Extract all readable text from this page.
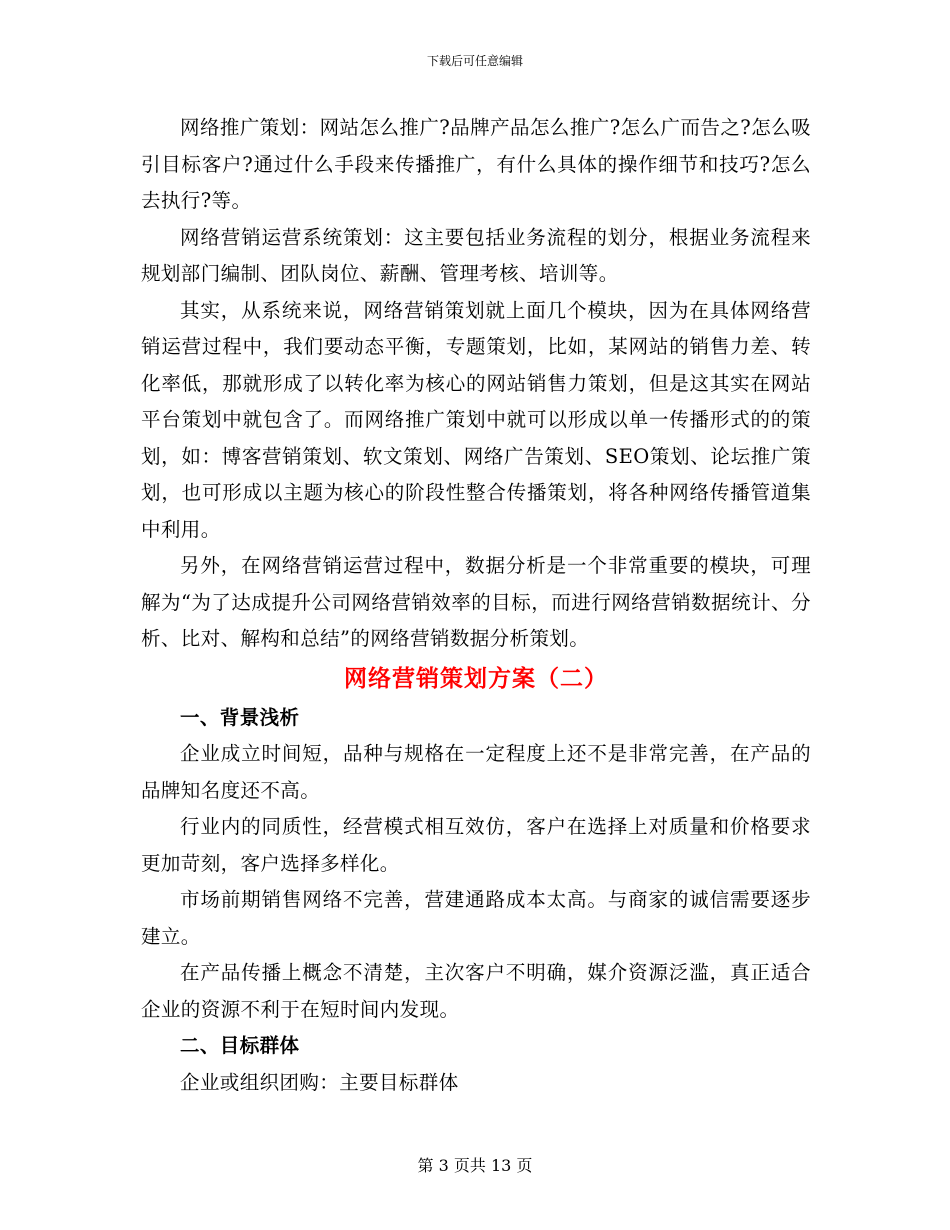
下载后可任意编辑

网络推广策划：网站怎么推广?品牌产品怎么推广?怎么广而告之?怎么吸引目标客户?通过什么手段来传播推广，有什么具体的操作细节和技巧?怎么去执行?等。

网络营销运营系统策划：这主要包括业务流程的划分，根据业务流程来规划部门编制、团队岗位、薪酬、管理考核、培训等。

其实，从系统来说，网络营销策划就上面几个模块，因为在具体网络营销运营过程中，我们要动态平衡，专题策划，比如，某网站的销售力差、转化率低，那就形成了以转化率为核心的网站销售力策划，但是这其实在网站平台策划中就包含了。而网络推广策划中就可以形成以单一传播形式的的策划，如：博客营销策划、软文策划、网络广告策划、SEO策划、论坛推广策划，也可形成以主题为核心的阶段性整合传播策划，将各种网络传播管道集中利用。

另外，在网络营销运营过程中，数据分析是一个非常重要的模块，可理解为“为了达成提升公司网络营销效率的目标，而进行网络营销数据统计、分析、比对、解构和总结”的网络营销数据分析策划。

网络营销策划方案（二）

一、背景浅析

企业成立时间短，品种与规格在一定程度上还不是非常完善，在产品的品牌知名度还不高。

行业内的同质性，经营模式相互效仿，客户在选择上对质量和价格要求更加苛刻，客户选择多样化。

市场前期销售网络不完善，营建通路成本太高。与商家的诚信需要逐步建立。

在产品传播上概念不清楚，主次客户不明确，媒介资源泛滥，真正适合企业的资源不利于在短时间内发现。

二、目标群体

企业或组织团购：主要目标群体

第 3 页共 13 页
